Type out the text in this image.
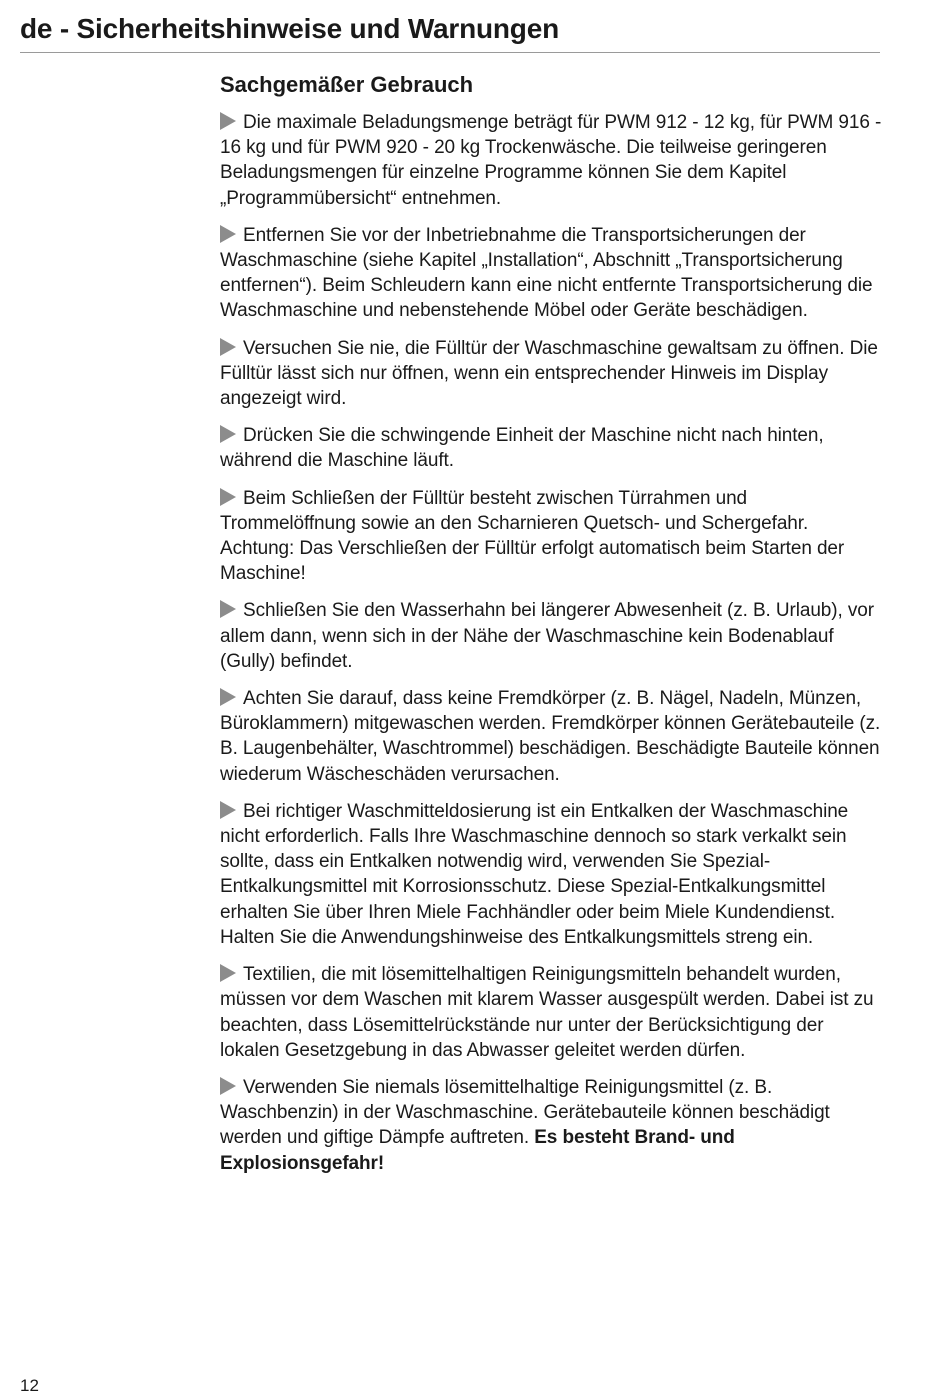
de - Sicherheitshinweise und Warnungen
Sachgemäßer Gebrauch

Die maximale Beladungsmenge beträgt für PWM 912 - 12 kg, für PWM 916 - 16 kg und für PWM 920 - 20 kg Trockenwäsche. Die teilweise geringeren Beladungsmengen für einzelne Programme können Sie dem Kapitel „Programmübersicht“ entnehmen.

Entfernen Sie vor der Inbetriebnahme die Transportsicherungen der Waschmaschine (siehe Kapitel „Installation“, Abschnitt „Transportsicherung entfernen“). Beim Schleudern kann eine nicht entfernte Transportsicherung die Waschmaschine und nebenstehende Möbel oder Geräte beschädigen.

Versuchen Sie nie, die Fülltür der Waschmaschine gewaltsam zu öffnen. Die Fülltür lässt sich nur öffnen, wenn ein entsprechender Hinweis im Display angezeigt wird.

Drücken Sie die schwingende Einheit der Maschine nicht nach hinten, während die Maschine läuft.

Beim Schließen der Fülltür besteht zwischen Türrahmen und Trommelöffnung sowie an den Scharnieren Quetsch- und Schergefahr. Achtung: Das Verschließen der Fülltür erfolgt automatisch beim Starten der Maschine!

Schließen Sie den Wasserhahn bei längerer Abwesenheit (z. B. Urlaub), vor allem dann, wenn sich in der Nähe der Waschmaschine kein Bodenablauf (Gully) befindet.

Achten Sie darauf, dass keine Fremdkörper (z. B. Nägel, Nadeln, Münzen, Büroklammern) mitgewaschen werden. Fremdkörper können Gerätebauteile (z. B. Laugenbehälter, Waschtrommel) beschädigen. Beschädigte Bauteile können wiederum Wäscheschäden verursachen.

Bei richtiger Waschmitteldosierung ist ein Entkalken der Waschmaschine nicht erforderlich. Falls Ihre Waschmaschine dennoch so stark verkalkt sein sollte, dass ein Entkalken notwendig wird, verwenden Sie Spezial-Entkalkungsmittel mit Korrosionsschutz. Diese Spezial-Entkalkungsmittel erhalten Sie über Ihren Miele Fachhändler oder beim Miele Kundendienst. Halten Sie die Anwendungshinweise des Entkalkungsmittels streng ein.

Textilien, die mit lösemittelhaltigen Reinigungsmitteln behandelt wurden, müssen vor dem Waschen mit klarem Wasser ausgespült werden. Dabei ist zu beachten, dass Lösemittelrückstände nur unter der Berücksichtigung der lokalen Gesetzgebung in das Abwasser geleitet werden dürfen.

Verwenden Sie niemals lösemittelhaltige Reinigungsmittel (z. B. Waschbenzin) in der Waschmaschine. Gerätebauteile können beschädigt werden und giftige Dämpfe auftreten. Es besteht Brand- und Explosionsgefahr!

12
